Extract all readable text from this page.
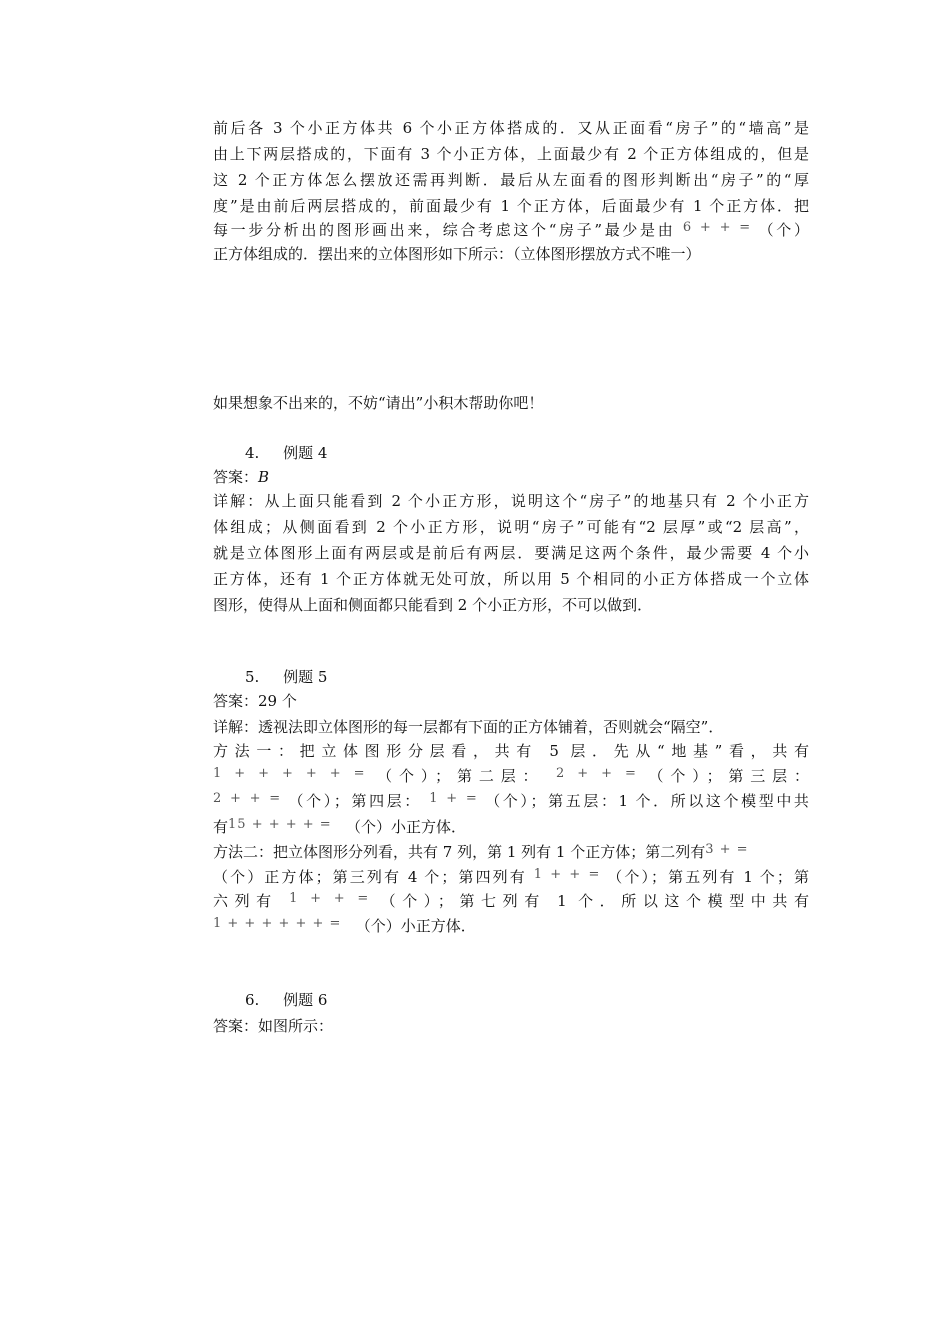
前后各 3 个小正方体共 6 个小正方体搭成的．又从正面看“房子”的“墙高”是
由上下两层搭成的，下面有 3 个小正方体，上面最少有 2 个正方体组成的，但是
这 2 个正方体怎么摆放还需再判断．最后从左面看的图形判断出“房子”的“厚
度”是由前后两层搭成的，前面最少有 1 个正方体，后面最少有 1 个正方体．把
每一步分析出的图形画出来，综合考虑这个“房子”最少是由 6 + + = （个）
正方体组成的．摆出来的立体图形如下所示：（立体图形摆放方式不唯一）
如果想象不出来的，不妨“请出”小积木帮助你吧！
4. 例题 4
答案：B
详解：从上面只能看到 2 个小正方形，说明这个“房子”的地基只有 2 个小正方
体组成；从侧面看到 2 个小正方形，说明“房子”可能有“2 层厚”或“2 层高”，
就是立体图形上面有两层或是前后有两层．要满足这两个条件，最少需要 4 个小
正方体，还有 1 个正方体就无处可放，所以用 5 个相同的小正方体搭成一个立体
图形，使得从上面和侧面都只能看到 2 个小正方形，不可以做到．
5. 例题 5
答案：29 个
详解：透视法即立体图形的每一层都有下面的正方体铺着，否则就会“隔空”．
方法一：把立体图形分层看，共有 5 层．先从“地基”看，共有
1 + + + + + = （个）；第二层： 2 + + = （个）；第三层：
2 + + = （个）；第四层： 1 + = （个）；第五层：1 个．所以这个模型中共
有15 + + + + = （个）小正方体．
方法二：把立体图形分列看，共有 7 列，第 1 列有 1 个正方体；第二列有3 + =
（个）正方体；第三列有 4 个；第四列有 1 + + = （个）；第五列有 1 个；第
六列有 1 + + = （个）；第七列有 1 个．所以这个模型中共有
1 + + + + + + = （个）小正方体．
6. 例题 6
答案：如图所示：
